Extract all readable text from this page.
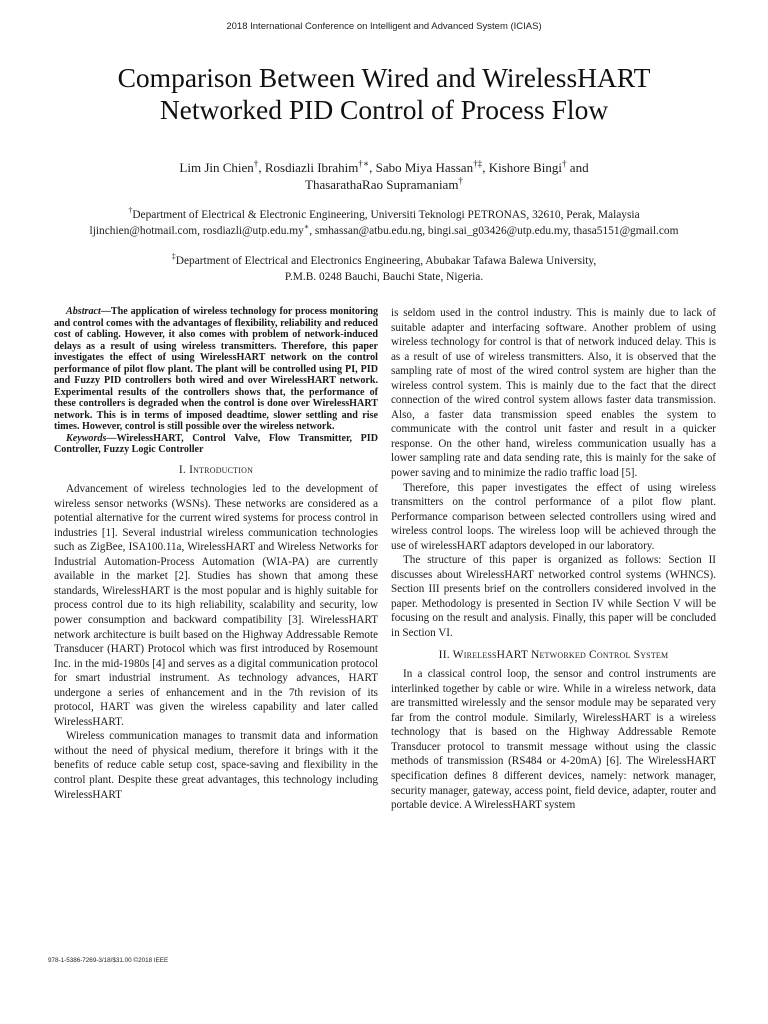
2018 International Conference on Intelligent and Advanced System (ICIAS)
Comparison Between Wired and WirelessHART
Networked PID Control of Process Flow
Lim Jin Chien†, Rosdiazli Ibrahim†∗, Sabo Miya Hassan†‡, Kishore Bingi† and
ThasarathaRao Supramaniam†
†Department of Electrical & Electronic Engineering, Universiti Teknologi PETRONAS, 32610, Perak, Malaysia
ljinchien@hotmail.com, rosdiazli@utp.edu.my∗, smhassan@atbu.edu.ng, bingi.sai_g03426@utp.edu.my, thasa5151@gmail.com
‡Department of Electrical and Electronics Engineering, Abubakar Tafawa Balewa University,
P.M.B. 0248 Bauchi, Bauchi State, Nigeria.

Abstract—The application of wireless technology for process monitoring and control comes with the advantages of flexibility, reliability and reduced cost of cabling. However, it also comes with problem of network-induced delays as a result of using wireless transmitters. Therefore, this paper investigates the effect of using WirelessHART network on the control performance of pilot flow plant. The plant will be controlled using PI, PID and Fuzzy PID controllers both wired and over WirelessHART network. Experimental results of the controllers shows that, the performance of these controllers is degraded when the control is done over WirelessHART network. This is in terms of imposed deadtime, slower settling and rise times. However, control is still possible over the wireless network.

Keywords—WirelessHART, Control Valve, Flow Transmitter, PID Controller, Fuzzy Logic Controller

I. Introduction

Advancement of wireless technologies led to the development of wireless sensor networks (WSNs). These networks are considered as a potential alternative for the current wired systems for process control in industries [1]. Several industrial wireless communication technologies such as ZigBee, ISA100.11a, WirelessHART and Wireless Networks for Industrial Automation-Process Automation (WIA-PA) are currently available in the market [2]. Studies has shown that among these standards, WirelessHART is the most popular and is highly suitable for process control due to its high reliability, scalability and security, low power consumption and backward compatibility [3]. WirelessHART network architecture is built based on the Highway Addressable Remote Transducer (HART) Protocol which was first introduced by Rosemount Inc. in the mid-1980s [4] and serves as a digital communication protocol for smart industrial instrument. As technology advances, HART undergone a series of enhancement and in the 7th revision of its protocol, HART was given the wireless capability and later called WirelessHART.

Wireless communication manages to transmit data and information without the need of physical medium, therefore it brings with it the benefits of reduce cable setup cost, space-saving and flexibility in the control plant. Despite these great advantages, this technology including WirelessHART

is seldom used in the control industry. This is mainly due to lack of suitable adapter and interfacing software. Another problem of using wireless technology for control is that of network induced delay. This is as a result of use of wireless transmitters. Also, it is observed that the sampling rate of most of the wired control system are higher than the wireless control system. This is mainly due to the fact that the direct connection of the wired control system allows faster data transmission. Also, a faster data transmission speed enables the system to communicate with the control unit faster and result in a quicker response. On the other hand, wireless communication usually has a lower sampling rate and data sending rate, this is mainly for the sake of power saving and to minimize the radio traffic load [5].

Therefore, this paper investigates the effect of using wireless transmitters on the control performance of a pilot flow plant. Performance comparison between selected controllers using wired and wireless control loops. The wireless loop will be achieved through the use of wirelessHART adaptors developed in our laboratory.

The structure of this paper is organized as follows: Section II discusses about WirelessHART networked control systems (WHNCS). Section III presents brief on the controllers considered involved in the paper. Methodology is presented in Section IV while Section V will be focusing on the result and analysis. Finally, this paper will be concluded in Section VI.

II. WirelessHART Networked Control System

In a classical control loop, the sensor and control instruments are interlinked together by cable or wire. While in a wireless network, data are transmitted wirelessly and the sensor module may be separated very far from the control module. Similarly, WirelessHART is a wireless technology that is based on the Highway Addressable Remote Transducer protocol to transmit message without using the classic methods of transmission (RS484 or 4-20mA) [6]. The WirelessHART specification defines 8 different devices, namely: network manager, security manager, gateway, access point, field device, adapter, router and portable device. A WirelessHART system

978-1-5386-7269-3/18/$31.00 ©2018 IEEE
